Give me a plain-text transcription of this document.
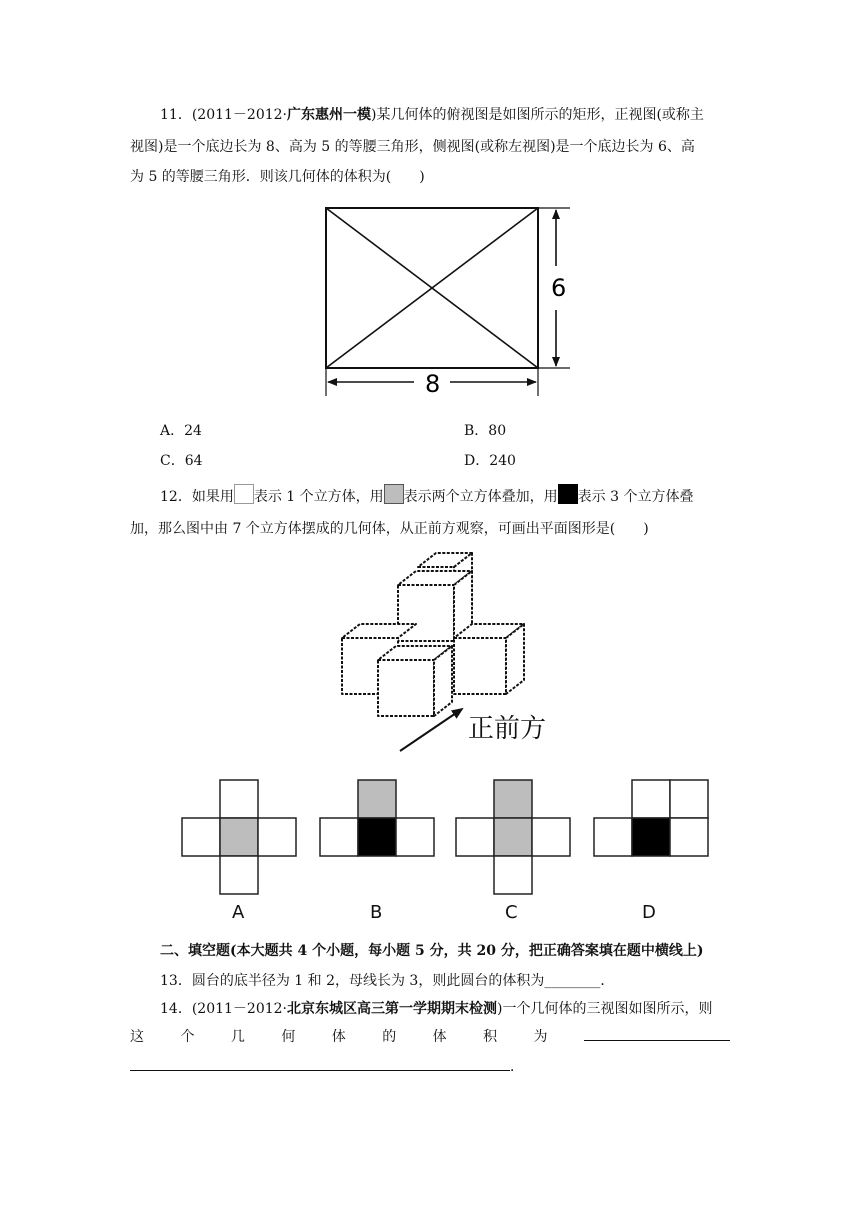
11．(2011－2012·广东惠州一模)某几何体的俯视图是如图所示的矩形，正视图(或称主
视图)是一个底边长为 8、高为 5 的等腰三角形，侧视图(或称左视图)是一个底边长为 6、高
为 5 的等腰三角形．则该几何体的体积为(　　)
6
8
A．24	B．80
C．64	D．240
12．如果用 表示 1 个立方体，用 表示两个立方体叠加，用 表示 3 个立方体叠
加，那么图中由 7 个立方体摆成的几何体，从正前方观察，可画出平面图形是(　　)
正前方
A	B	C	D
二、填空题(本大题共 4 个小题，每小题 5 分，共 20 分，把正确答案填在题中横线上)
13．圆台的底半径为 1 和 2，母线长为 3，则此圆台的体积为________．
14．(2011－2012·北京东城区高三第一学期期末检测)一个几何体的三视图如图所示，则
这	个	几	何	体	的	体	积	为
．
